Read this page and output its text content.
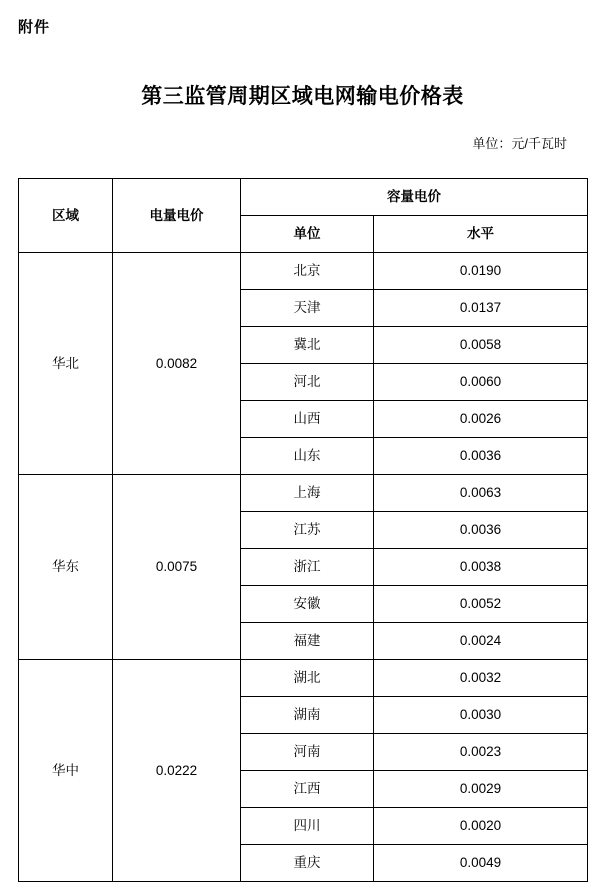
附件
第三监管周期区域电网输电价格表
单位：元/千瓦时
区域	电量电价	容量电价	
		单位	水平
华北	0.0082	北京	0.0190
		天津	0.0137
		冀北	0.0058
		河北	0.0060
		山西	0.0026
		山东	0.0036
华东	0.0075	上海	0.0063
		江苏	0.0036
		浙江	0.0038
		安徽	0.0052
		福建	0.0024
华中	0.0222	湖北	0.0032
		湖南	0.0030
		河南	0.0023
		江西	0.0029
		四川	0.0020
		重庆	0.0049
